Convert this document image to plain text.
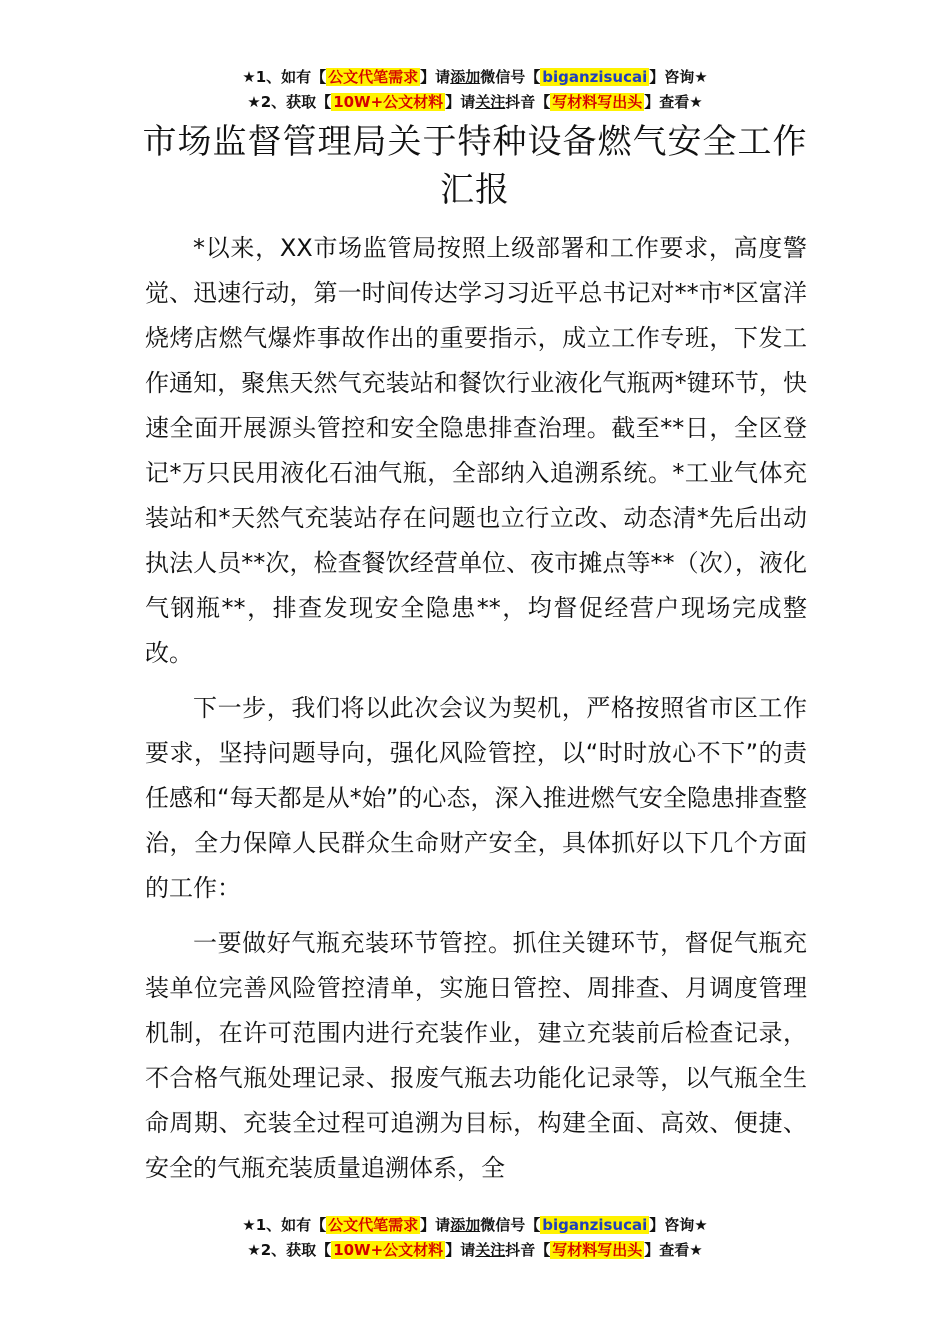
★1、如有【 公文代笔需求 】请添加微信号【 biganzisucai 】咨询★
★2、获取【 10W+公文材料 】请关注抖音【 写材料写出头 】查看★
市场监督管理局关于特种设备燃气安全工作汇报

*以来，XX市场监管局按照上级部署和工作要求，高度警觉、迅速行动，第一时间传达学习习近平总书记对**市*区富洋烧烤店燃气爆炸事故作出的重要指示，成立工作专班，下发工作通知，聚焦天然气充装站和餐饮行业液化气瓶两*键环节，快速全面开展源头管控和安全隐患排查治理。截至**日，全区登记*万只民用液化石油气瓶，全部纳入追溯系统。*工业气体充装站和*天然气充装站存在问题也立行立改、动态清*先后出动执法人员**次，检查餐饮经营单位、夜市摊点等**（次），液化气钢瓶**，排查发现安全隐患**，均督促经营户现场完成整改。

下一步，我们将以此次会议为契机，严格按照省市区工作要求，坚持问题导向，强化风险管控，以“时时放心不下”的责任感和“每天都是从*始”的心态，深入推进燃气安全隐患排查整治，全力保障人民群众生命财产安全，具体抓好以下几个方面的工作：

一要做好气瓶充装环节管控。抓住关键环节，督促气瓶充装单位完善风险管控清单，实施日管控、周排查、月调度管理机制，在许可范围内进行充装作业，建立充装前后检查记录，不合格气瓶处理记录、报废气瓶去功能化记录等，以气瓶全生命周期、充装全过程可追溯为目标，构建全面、高效、便捷、安全的气瓶充装质量追溯体系，全

★1、如有【 公文代笔需求 】请添加微信号【 biganzisucai 】咨询★
★2、获取【 10W+公文材料 】请关注抖音【 写材料写出头 】查看★
